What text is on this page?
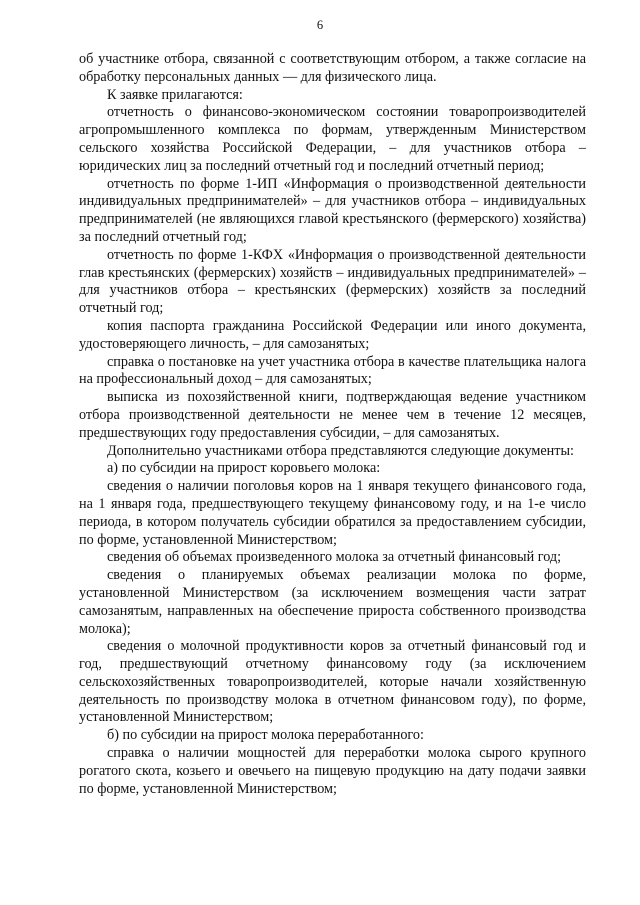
6

об участнике отбора, связанной с соответствующим отбором, а также согласие на обработку персональных данных — для физического лица.

К заявке прилагаются:

отчетность о финансово-экономическом состоянии товаропроизводителей агропромышленного комплекса по формам, утвержденным Министерством сельского хозяйства Российской Федерации, – для участников отбора – юридических лиц за последний отчетный год и последний отчетный период;

отчетность по форме 1-ИП «Информация о производственной деятельности индивидуальных предпринимателей» – для участников отбора – индивидуальных предпринимателей (не являющихся главой крестьянского (фермерского) хозяйства) за последний отчетный год;

отчетность по форме 1-КФХ «Информация о производственной деятельности глав крестьянских (фермерских) хозяйств – индивидуальных предпринимателей» – для участников отбора – крестьянских (фермерских) хозяйств за последний отчетный год;

копия паспорта гражданина Российской Федерации или иного документа, удостоверяющего личность, – для самозанятых;

справка о постановке на учет участника отбора в качестве плательщика налога на профессиональный доход – для самозанятых;

выписка из похозяйственной книги, подтверждающая ведение участником отбора производственной деятельности не менее чем в течение 12 месяцев, предшествующих году предоставления субсидии, – для самозанятых.

Дополнительно участниками отбора представляются следующие документы:

а) по субсидии на прирост коровьего молока:

сведения о наличии поголовья коров на 1 января текущего финансового года, на 1 января года, предшествующего текущему финансовому году, и на 1-е число периода, в котором получатель субсидии обратился за предоставлением субсидии, по форме, установленной Министерством;

сведения об объемах произведенного молока за отчетный финансовый год;

сведения о планируемых объемах реализации молока по форме, установленной Министерством (за исключением возмещения части затрат самозанятым, направленных на обеспечение прироста собственного производства молока);

сведения о молочной продуктивности коров за отчетный финансовый год и год, предшествующий отчетному финансовому году (за исключением сельскохозяйственных товаропроизводителей, которые начали хозяйственную деятельность по производству молока в отчетном финансовом году), по форме, установленной Министерством;

б) по субсидии на прирост молока переработанного:

справка о наличии мощностей для переработки молока сырого крупного рогатого скота, козьего и овечьего на пищевую продукцию на дату подачи заявки по форме, установленной Министерством;
